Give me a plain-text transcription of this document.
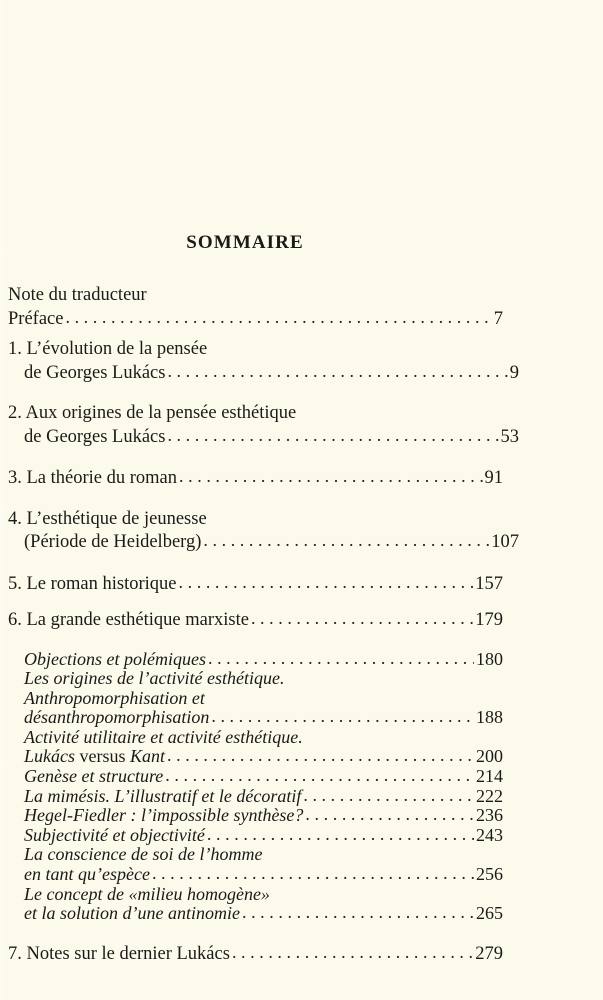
SOMMAIRE
Note du traducteur
Préface .....	7
1. L’évolution de la pensée
de Georges Lukács .....	9
2. Aux origines de la pensée esthétique
de Georges Lukács .....	53
3. La théorie du roman .....	91
4. L’esthétique de jeunesse
(Période de Heidelberg) .....	107
5. Le roman historique .....	157
6. La grande esthétique marxiste .....	179
Objections et polémiques .....	180
Les origines de l’activité esthétique.
Anthropomorphisation et
désanthropomorphisation .....	188
Activité utilitaire et activité esthétique.
Lukács versus Kant .....	200
Genèse et structure .....	214
La mimésis. L’illustratif et le décoratif .....	222
Hegel-Fiedler : l’impossible synthèse? .....	236
Subjectivité et objectivité .....	243
La conscience de soi de l’homme
en tant qu’espèce .....	256
Le concept de «milieu homogène»
et la solution d’une antinomie .....	265
7. Notes sur le dernier Lukács .....	279
